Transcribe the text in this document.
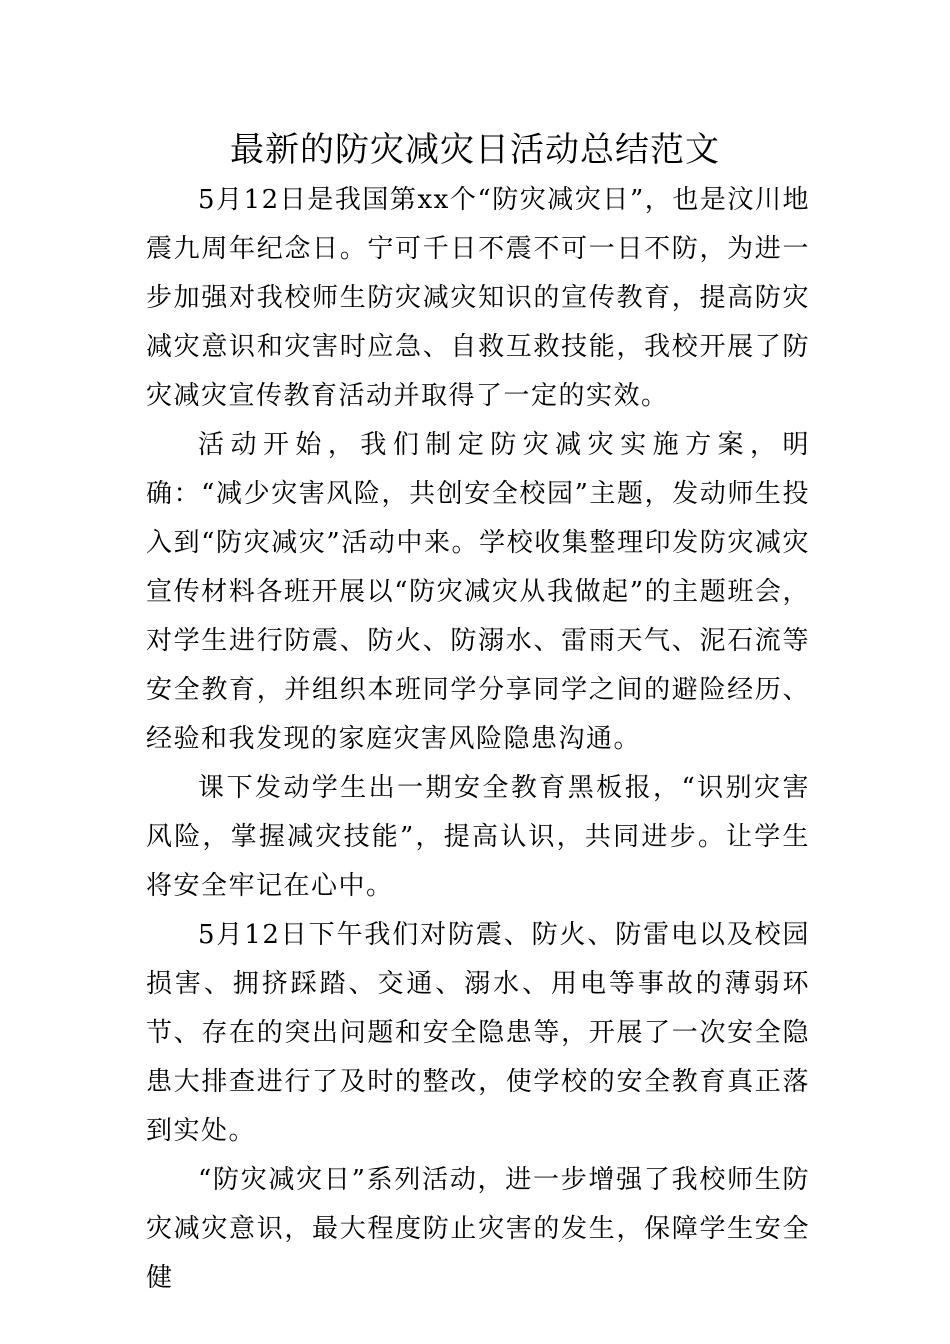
最新的防灾减灾日活动总结范文

5月12日是我国第xx个“防灾减灾日”，也是汶川地震九周年纪念日。宁可千日不震不可一日不防，为进一步加强对我校师生防灾减灾知识的宣传教育，提高防灾减灾意识和灾害时应急、自救互救技能，我校开展了防灾减灾宣传教育活动并取得了一定的实效。

活动开始，我们制定防灾减灾实施方案，明确：“减少灾害风险，共创安全校园”主题，发动师生投入到“防灾减灾”活动中来。学校收集整理印发防灾减灾宣传材料各班开展以“防灾减灾从我做起”的主题班会，对学生进行防震、防火、防溺水、雷雨天气、泥石流等安全教育，并组织本班同学分享同学之间的避险经历、经验和我发现的家庭灾害风险隐患沟通。

课下发动学生出一期安全教育黑板报，“识别灾害风险，掌握减灾技能”，提高认识，共同进步。让学生将安全牢记在心中。

5月12日下午我们对防震、防火、防雷电以及校园损害、拥挤踩踏、交通、溺水、用电等事故的薄弱环节、存在的突出问题和安全隐患等，开展了一次安全隐患大排查进行了及时的整改，使学校的安全教育真正落到实处。

“防灾减灾日”系列活动，进一步增强了我校师生防灾减灾意识，最大程度防止灾害的发生，保障学生安全健
